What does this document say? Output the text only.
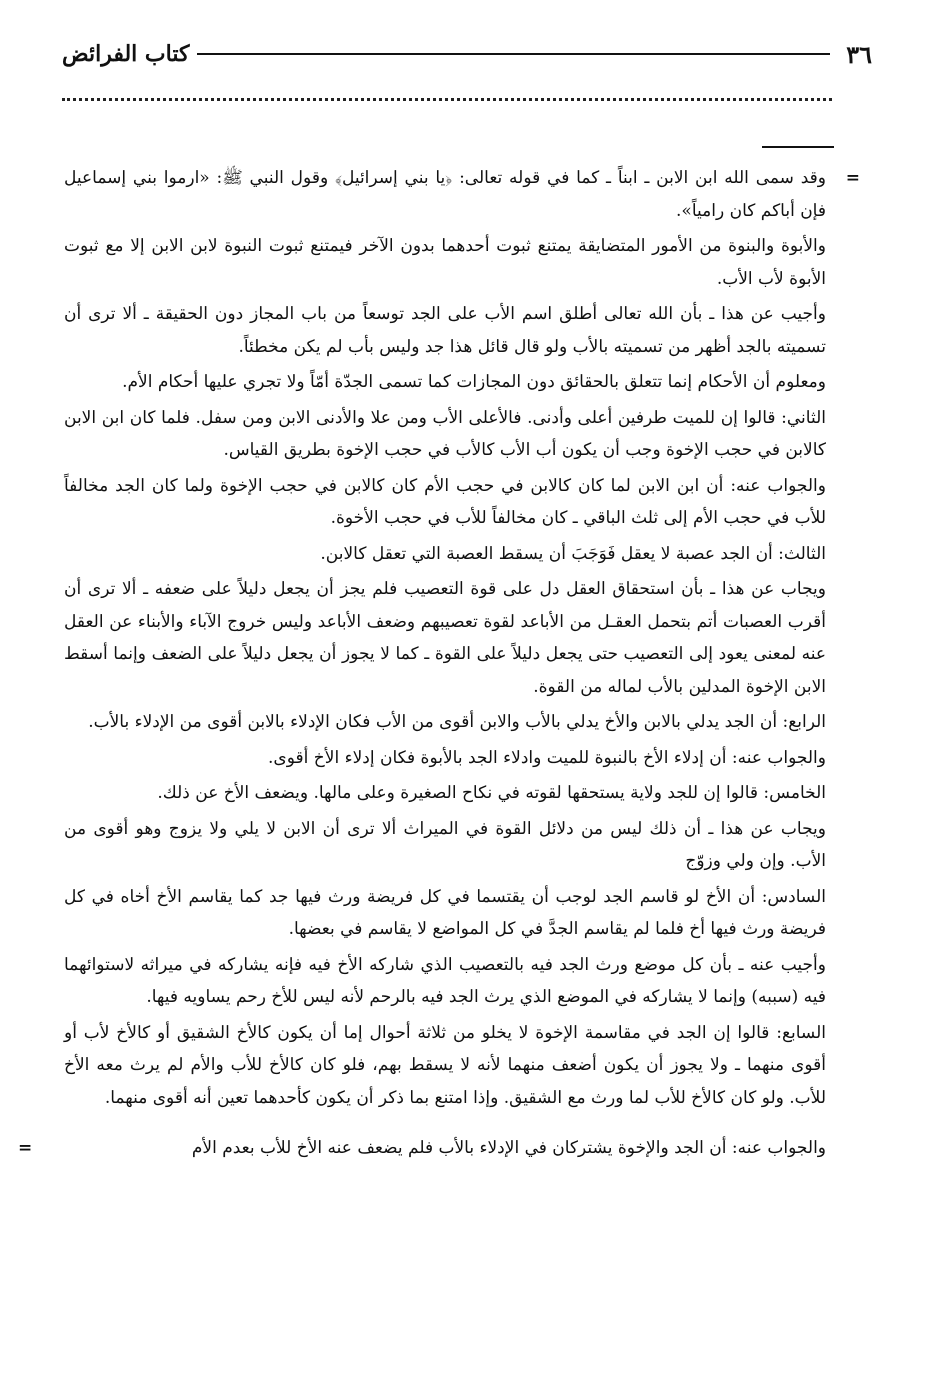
٣٦
كتاب الفرائض

=
وقد سمى الله ابن الابن ـ ابناً ـ كما في قوله تعالى: ﴿يا بني إسرائيل﴾ وقول النبي ﷺ: «ارموا بني إسماعيل فإن أباكم كان رامياً».

والأبوة والبنوة من الأمور المتضايقة يمتنع ثبوت أحدهما بدون الآخر فيمتنع ثبوت النبوة لابن الابن إلا مع ثبوت الأبوة لأب الأب.

وأجيب عن هذا ـ بأن الله تعالى أطلق اسم الأب على الجد توسعاً من باب المجاز دون الحقيقة ـ ألا ترى أن تسميته بالجد أظهر من تسميته بالأب ولو قال قائل هذا جد وليس بأب لم يكن مخطئاً.

ومعلوم أن الأحكام إنما تتعلق بالحقائق دون المجازات كما تسمى الجدّة أمّاً ولا تجري عليها أحكام الأم.

الثاني: قالوا إن للميت طرفين أعلى وأدنى. فالأعلى الأب ومن علا والأدنى الابن ومن سفل. فلما كان ابن الابن كالابن في حجب الإخوة وجب أن يكون أب الأب كالأب في حجب الإخوة بطريق القياس.

والجواب عنه: أن ابن الابن لما كان كالابن في حجب الأم كان كالابن في حجب الإخوة ولما كان الجد مخالفاً للأب في حجب الأم إلى ثلث الباقي ـ كان مخالفاً للأب في حجب الأخوة.

الثالث: أن الجد عصبة لا يعقل فَوَجَبَ أن يسقط العصبة التي تعقل كالابن.

ويجاب عن هذا ـ بأن استحقاق العقل دل على قوة التعصيب فلم يجز أن يجعل دليلاً على ضعفه ـ ألا ترى أن أقرب العصبات أتم بتحمل العقـل من الأباعد لقوة تعصيبهم وضعف الأباعد وليس خروج الآباء والأبناء عن العقل عنه لمعنى يعود إلى التعصيب حتى يجعل دليلاً على القوة ـ كما لا يجوز أن يجعل دليلاً على الضعف وإنما أسقط الابن الإخوة المدلين بالأب لماله من القوة.

الرابع: أن الجد يدلي بالابن والأخ يدلي بالأب والابن أقوى من الأب فكان الإدلاء بالابن أقوى من الإدلاء بالأب.

والجواب عنه: أن إدلاء الأخ بالنبوة للميت وادلاء الجد بالأبوة فكان إدلاء الأخ أقوى.

الخامس: قالوا إن للجد ولاية يستحقها لقوته في نكاح الصغيرة وعلى مالها. ويضعف الأخ عن ذلك.

ويجاب عن هذا ـ أن ذلك ليس من دلائل القوة في الميراث ألا ترى أن الابن لا يلي ولا يزوج وهو أقوى من الأب. وإن ولي وزوّج

السادس: أن الأخ لو قاسم الجد لوجب أن يقتسما في كل فريضة ورث فيها جد كما يقاسم الأخ أخاه في كل فريضة ورث فيها أخ فلما لم يقاسم الجدَّ في كل المواضع لا يقاسم في بعضها.

وأجيب عنه ـ بأن كل موضع ورث الجد فيه بالتعصيب الذي شاركه الأخ فيه فإنه يشاركه في ميراثه لاستوائهما فيه (سببه) وإنما لا يشاركه في الموضع الذي يرث الجد فيه بالرحم لأنه ليس للأخ رحم يساويه فيها.

السابع: قالوا إن الجد في مقاسمة الإخوة لا يخلو من ثلاثة أحوال إما أن يكون كالأخ الشقيق أو كالأخ لأب أو أقوى منهما ـ ولا يجوز أن يكون أضعف منهما لأنه لا يسقط بهم، فلو كان كالأخ للأب والأم لم يرث معه الأخ للأب. ولو كان كالأخ للأب لما ورث مع الشقيق. وإذا امتنع بما ذكر أن يكون كأحدهما تعين أنه أقوى منهما.

والجواب عنه: أن الجد والإخوة يشتركان في الإدلاء بالأب فلم يضعف عنه الأخ للأب بعدم الأم
=
